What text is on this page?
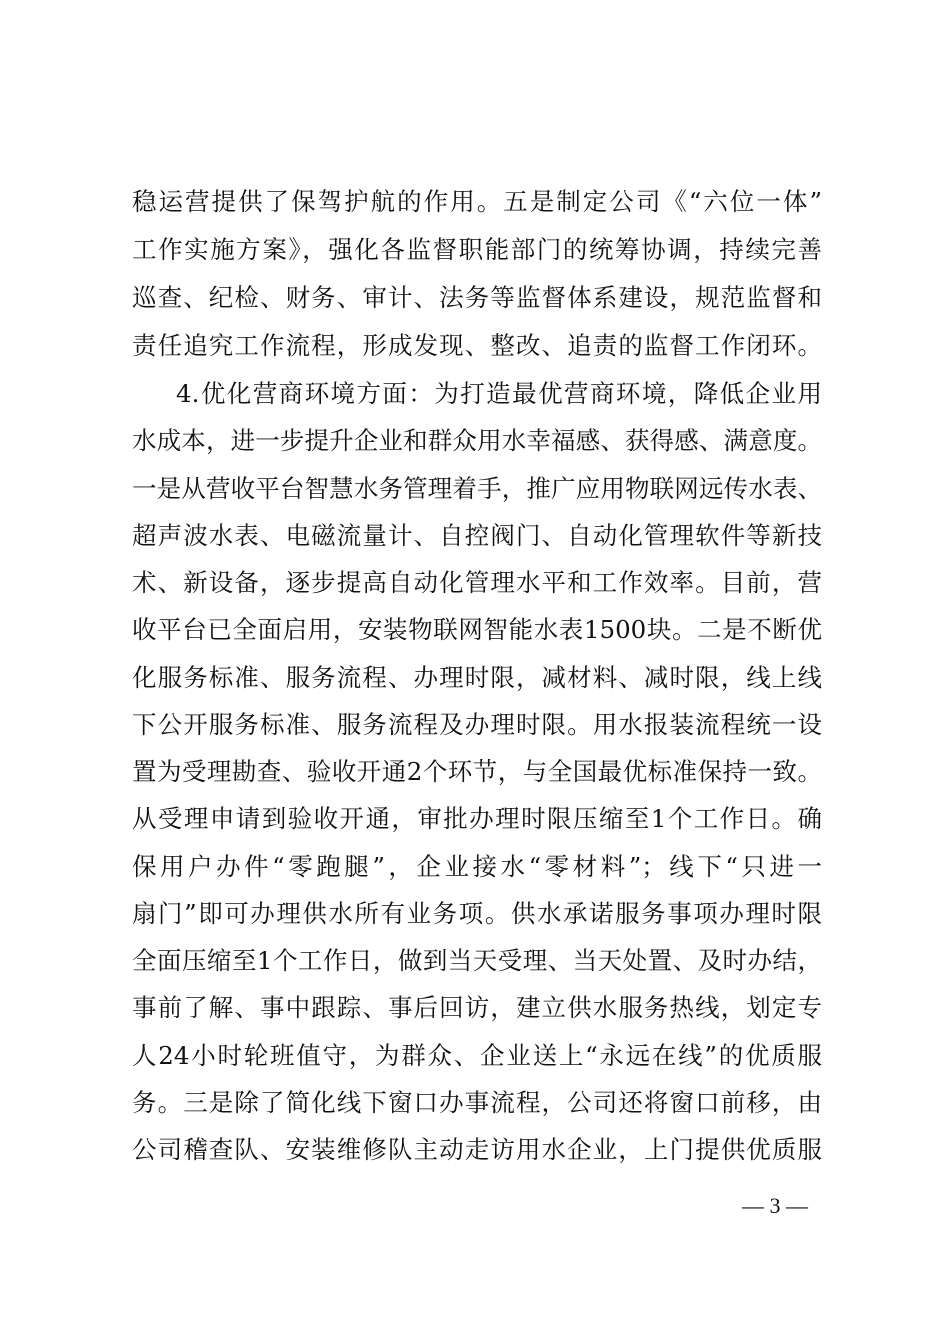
稳运营提供了保驾护航的作用。五是制定公司《“六位一体”
工作实施方案》，强化各监督职能部门的统筹协调，持续完善
巡查、纪检、财务、审计、法务等监督体系建设，规范监督和
责任追究工作流程，形成发现、整改、追责的监督工作闭环。
4.优化营商环境方面：为打造最优营商环境，降低企业用
水成本，进一步提升企业和群众用水幸福感、获得感、满意度。
一是从营收平台智慧水务管理着手，推广应用物联网远传水表、
超声波水表、电磁流量计、自控阀门、自动化管理软件等新技
术、新设备，逐步提高自动化管理水平和工作效率。目前，营
收平台已全面启用，安装物联网智能水表1500块。二是不断优
化服务标准、服务流程、办理时限，减材料、减时限，线上线
下公开服务标准、服务流程及办理时限。用水报装流程统一设
置为受理勘查、验收开通2个环节，与全国最优标准保持一致。
从受理申请到验收开通，审批办理时限压缩至1个工作日。确
保用户办件“零跑腿”，企业接水“零材料”；线下“只进一
扇门”即可办理供水所有业务项。供水承诺服务事项办理时限
全面压缩至1个工作日，做到当天受理、当天处置、及时办结，
事前了解、事中跟踪、事后回访，建立供水服务热线，划定专
人24小时轮班值守，为群众、企业送上“永远在线”的优质服
务。三是除了简化线下窗口办事流程，公司还将窗口前移，由
公司稽查队、安装维修队主动走访用水企业，上门提供优质服
— 3 —
